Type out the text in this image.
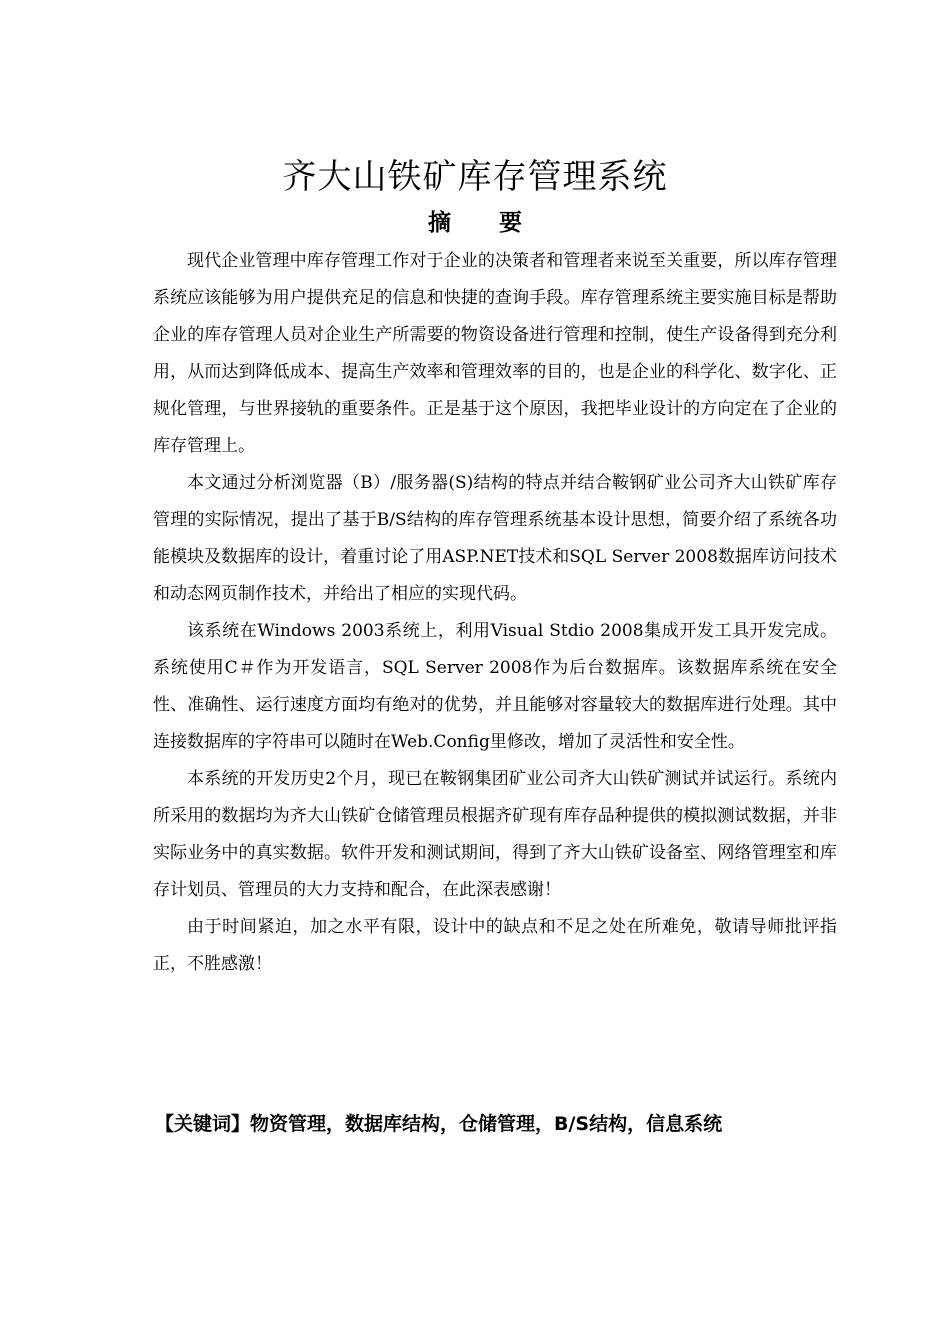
齐大山铁矿库存管理系统
摘 要

现代企业管理中库存管理工作对于企业的决策者和管理者来说至关重要，所以库存管理系统应该能够为用户提供充足的信息和快捷的查询手段。库存管理系统主要实施目标是帮助企业的库存管理人员对企业生产所需要的物资设备进行管理和控制，使生产设备得到充分利用，从而达到降低成本、提高生产效率和管理效率的目的，也是企业的科学化、数字化、正规化管理，与世界接轨的重要条件。正是基于这个原因，我把毕业设计的方向定在了企业的库存管理上。

本文通过分析浏览器（B）/服务器(S)结构的特点并结合鞍钢矿业公司齐大山铁矿库存管理的实际情况，提出了基于B/S结构的库存管理系统基本设计思想，简要介绍了系统各功能模块及数据库的设计，着重讨论了用ASP.NET技术和SQL Server 2008数据库访问技术和动态网页制作技术，并给出了相应的实现代码。

该系统在Windows 2003系统上，利用Visual Stdio 2008集成开发工具开发完成。系统使用C＃作为开发语言，SQL Server 2008作为后台数据库。该数据库系统在安全性、准确性、运行速度方面均有绝对的优势，并且能够对容量较大的数据库进行处理。其中连接数据库的字符串可以随时在Web.Config里修改，增加了灵活性和安全性。

本系统的开发历史2个月，现已在鞍钢集团矿业公司齐大山铁矿测试并试运行。系统内所采用的数据均为齐大山铁矿仓储管理员根据齐矿现有库存品种提供的模拟测试数据，并非实际业务中的真实数据。软件开发和测试期间，得到了齐大山铁矿设备室、网络管理室和库存计划员、管理员的大力支持和配合，在此深表感谢！

由于时间紧迫，加之水平有限，设计中的缺点和不足之处在所难免，敬请导师批评指正，不胜感激！

【关键词】物资管理，数据库结构，仓储管理，B/S结构，信息系统
